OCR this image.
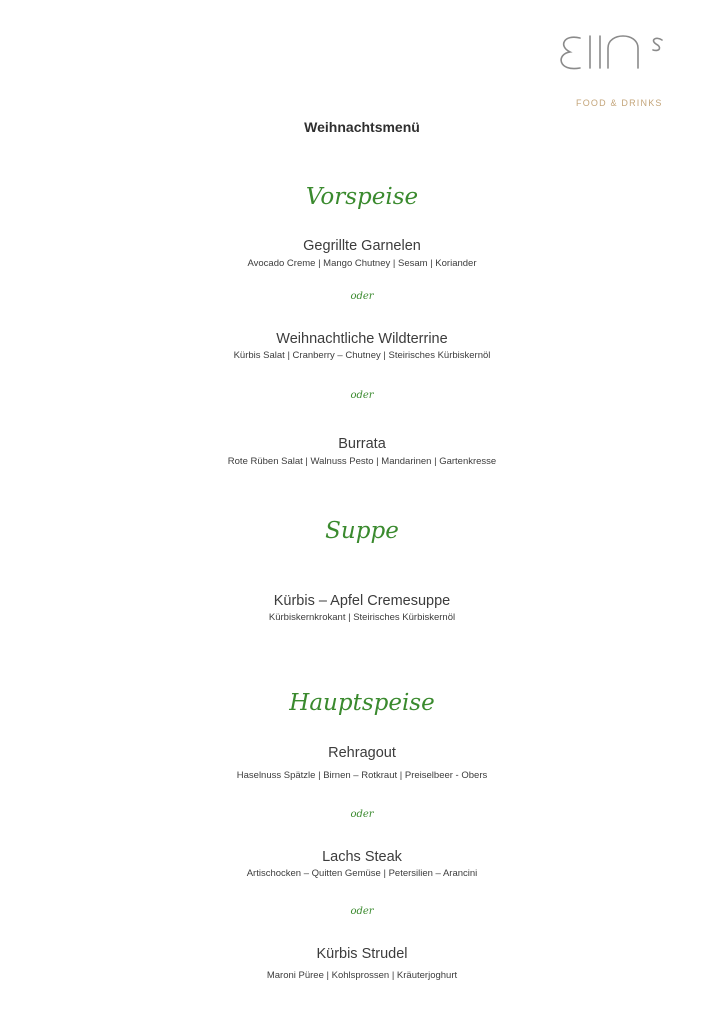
FOOD & DRINKS
Weihnachtsmenü
Vorspeise
Gegrillte Garnelen
Avocado Creme | Mango Chutney | Sesam | Koriander
oder
Weihnachtliche Wildterrine
Kürbis Salat | Cranberry – Chutney | Steirisches Kürbiskernöl
oder
Burrata
Rote Rüben Salat | Walnuss Pesto | Mandarinen | Gartenkresse
Suppe
Kürbis – Apfel Cremesuppe
Kürbiskernkrokant | Steirisches Kürbiskernöl
Hauptspeise
Rehragout
Haselnuss Spätzle | Birnen – Rotkraut | Preiselbeer - Obers
oder
Lachs Steak
Artischocken – Quitten Gemüse | Petersilien – Arancini
oder
Kürbis Strudel
Maroni Püree | Kohlsprossen | Kräuterjoghurt
